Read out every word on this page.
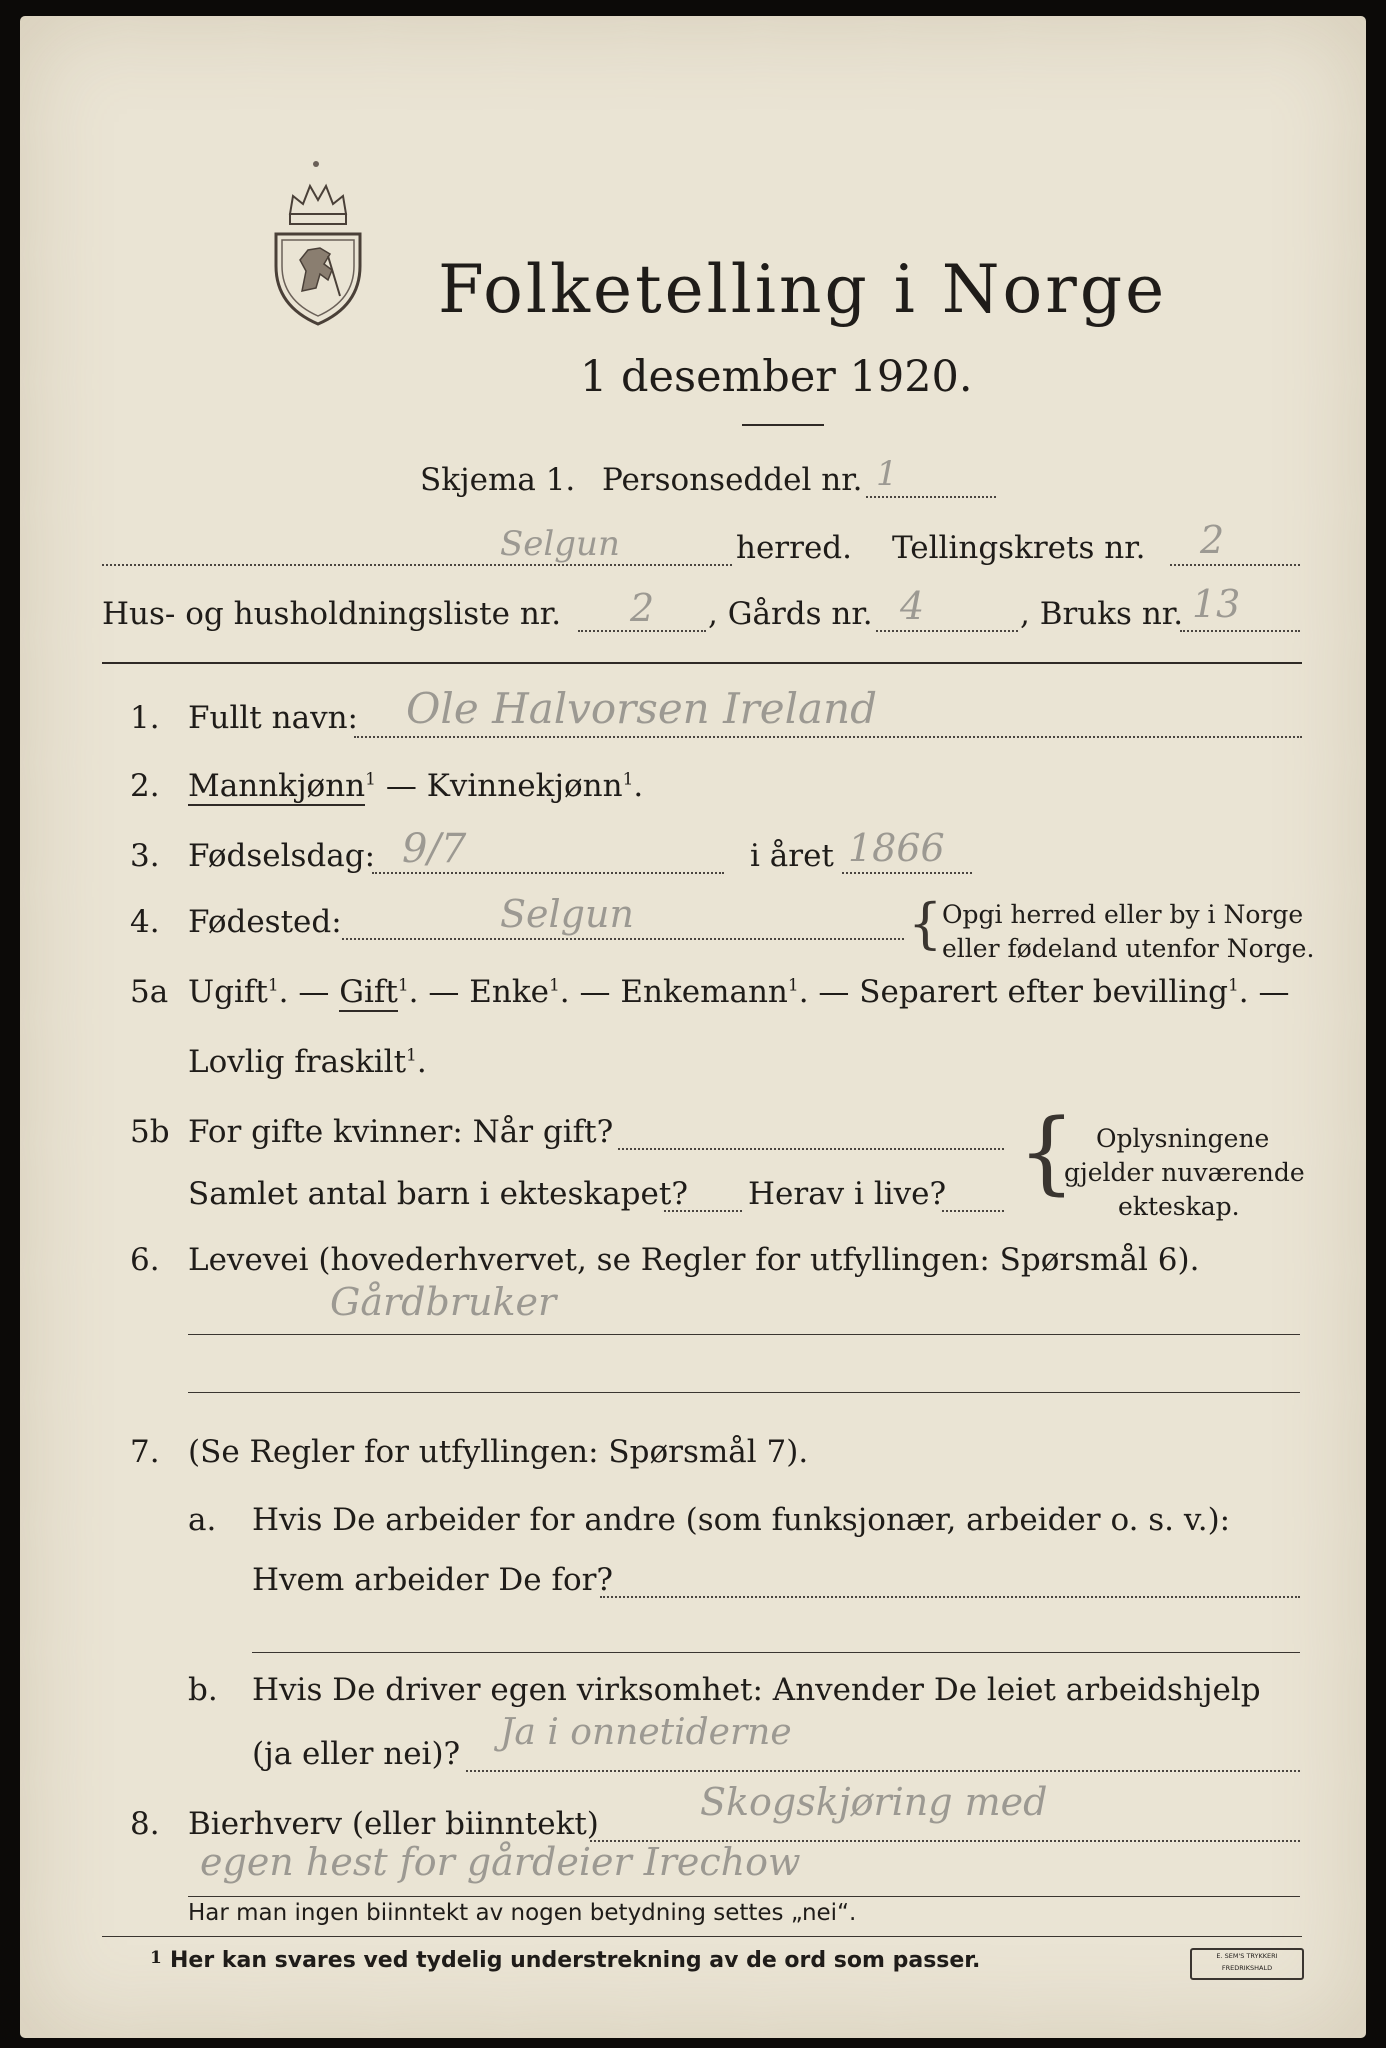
Folketelling i Norge
1 desember 1920.
Skjema 1. Personseddel nr. 1
Selgun	herred. Tellingskrets nr. 2
Hus- og husholdningsliste nr. 2 , Gårds nr. 4	, Bruks nr. 13
1. Fullt navn: Ole Halvorsen Ireland
2. Mannkjønn$^1$ — Kvinnekjønn$^1$.
3. Fødselsdag: 9/7	i året 1866
4. Fødested:	Selgun	{ Opgi herred eller by i Norge
eller fødeland utenfor Norge.
5a Ugift$^1$. — Gift$^1$. — Enke$^1$. — Enkemann$^1$. — Separert efter bevilling$^1$. —
Lovlig fraskilt$^1$.
5b For gifte kvinner: Når gift?
Samlet antal barn i ekteskapet? Herav i live? { Oplysningene
gjelder nuværende
ekteskap.
6. Levevei (hovederhvervet, se Regler for utfyllingen: Spørsmål 6).
Gårdbruker
7. (Se Regler for utfyllingen: Spørsmål 7).
a. Hvis De arbeider for andre (som funksjonær, arbeider o. s. v.):
Hvem arbeider De for?
b. Hvis De driver egen virksomhet: Anvender De leiet arbeidshjelp
(ja eller nei)?
Ja i onnetiderne
8. Bierhverv (eller biinntekt)	Skogskjøring med
egen hest for gårdeier Irechow
Har man ingen biinntekt av nogen betydning settes „nei“.
1 Her kan svares ved tydelig understrekning av de ord som passer.	E. SEM'S TRYKKERI
FREDRIKSHALD
